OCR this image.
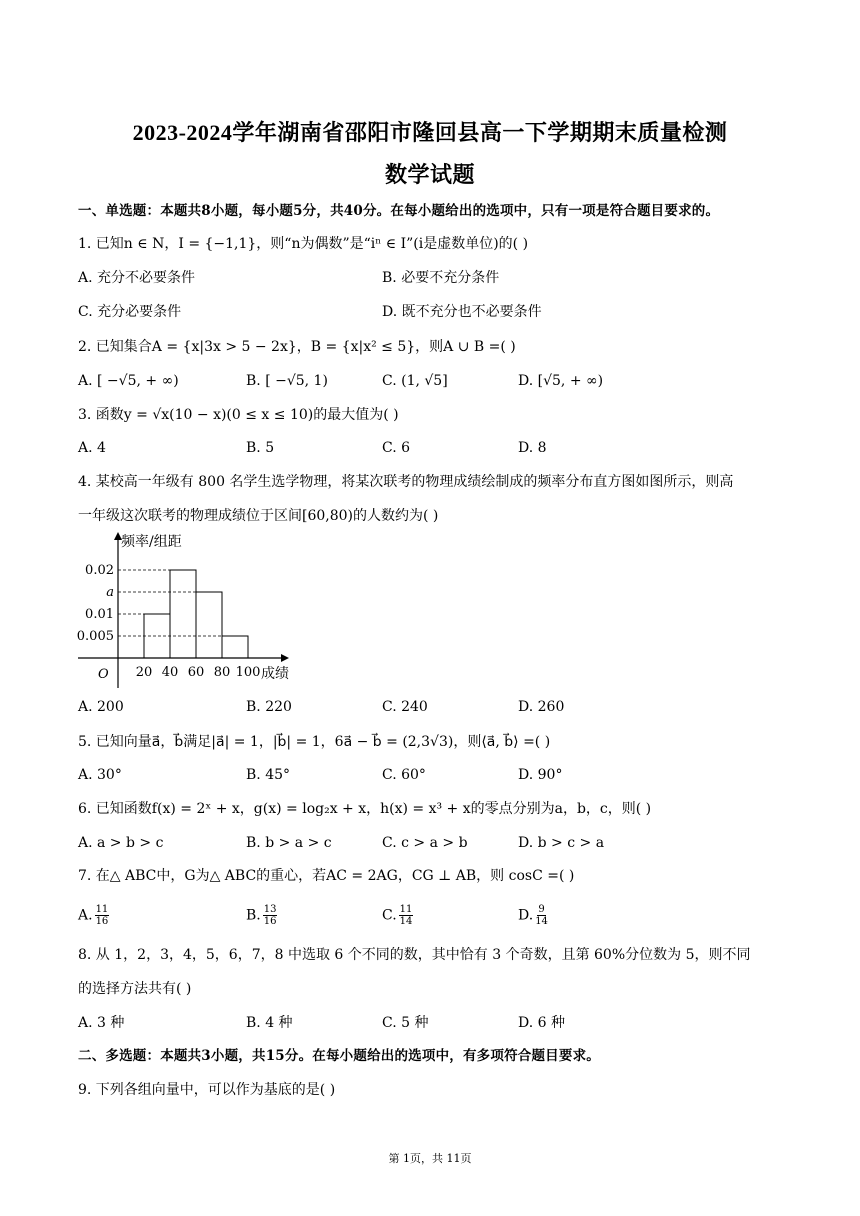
2023-2024学年湖南省邵阳市隆回县高一下学期期末质量检测
数学试题
一、单选题：本题共8小题，每小题5分，共40分。在每小题给出的选项中，只有一项是符合题目要求的。
1. 已知n ∈ N，I = {−1,1}，则“n为偶数”是“iⁿ ∈ I”(i是虚数单位)的( )
A. 充分不必要条件	B. 必要不充分条件
C. 充分必要条件	D. 既不充分也不必要条件
2. 已知集合A = {x|3x > 5 − 2x}，B = {x|x² ≤ 5}，则A ∪ B =( )
A. [ −√5, + ∞)	B. [ −√5, 1)	C. (1, √5]	D. [√5, + ∞)
3. 函数y = √x(10 − x)(0 ≤ x ≤ 10)的最大值为( )
A. 4	B. 5	C. 6	D. 8
4. 某校高一年级有 800 名学生选学物理，将某次联考的物理成绩绘制成的频率分布直方图如图所示，则高
一年级这次联考的物理成绩位于区间[60,80)的人数约为( )
频率/组距
成绩
O 20 40 60 80 100
0.02
a
0.01
0.005
A. 200	B. 220	C. 240	D. 260
5. 已知向量a⃗，b⃗满足|a⃗| = 1，|b⃗| = 1，6a⃗ − b⃗ = (2,3√3)，则⟨a⃗, b⃗⟩ =( )
A. 30°	B. 45°	C. 60°	D. 90°
6. 已知函数f(x) = 2ˣ + x，g(x) = log₂x + x，h(x) = x³ + x的零点分别为a，b，c，则( )
A. a > b > c	B. b > a > c	C. c > a > b	D. b > c > a
7. 在△ ABC中，G为△ ABC的重心，若AC = 2AG，CG ⊥ AB，则 cosC =( )
A. $\frac{11}{16}$	B. $\frac{13}{16}$	C. $\frac{11}{14}$	D. $\frac{9}{14}$
8. 从 1，2，3，4，5，6，7，8 中选取 6 个不同的数，其中恰有 3 个奇数，且第 60%分位数为 5，则不同
的选择方法共有( )
A. 3 种	B. 4 种	C. 5 种	D. 6 种
二、多选题：本题共3小题，共15分。在每小题给出的选项中，有多项符合题目要求。
9. 下列各组向量中，可以作为基底的是( )
第 1页，共 11页
